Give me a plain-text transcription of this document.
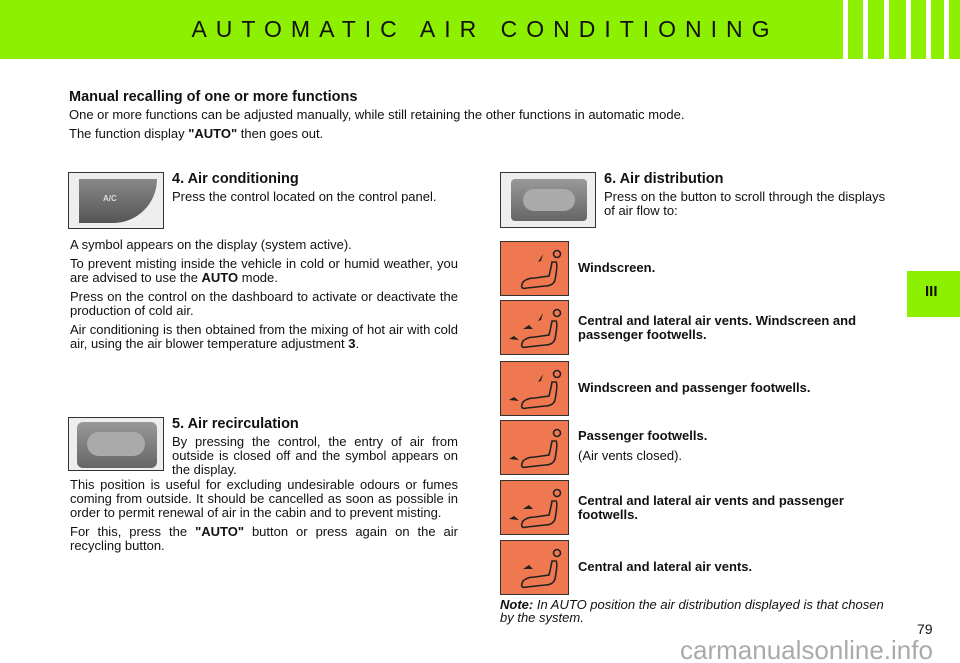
AUTOMATIC AIR CONDITIONING
Manual recalling of one or more functions
One or more functions can be adjusted manually, while still retaining the other functions in automatic mode.
The function display "AUTO" then goes out.
A/C
4. Air conditioning
Press the control located on the control panel.
A symbol appears on the display (system active).
To prevent misting inside the vehicle in cold or humid weather, you are advised to use the AUTO mode.
Press on the control on the dashboard to activate or deactivate the production of cold air.
Air conditioning is then obtained from the mixing of hot air with cold air, using the air blower temperature adjustment 3.
5. Air recirculation
By pressing the control, the entry of air from outside is closed off and the symbol appears on the display.
This position is useful for excluding undesirable odours or fumes coming from outside. It should be cancelled as soon as possible in order to permit renewal of air in the cabin and to prevent misting.
For this, press the "AUTO" button or press again on the air recycling button.
6. Air distribution
Press on the button to scroll through the displays of air flow to:
Windscreen.
Central and lateral air vents. Windscreen and passenger footwells.
Windscreen and passenger footwells.
Passenger footwells.
(Air vents closed).
Central and lateral air vents and passenger footwells.
Central and lateral air vents.
Note: In AUTO position the air distribution displayed is that chosen by the system.
III
79
carmanualsonline.info
